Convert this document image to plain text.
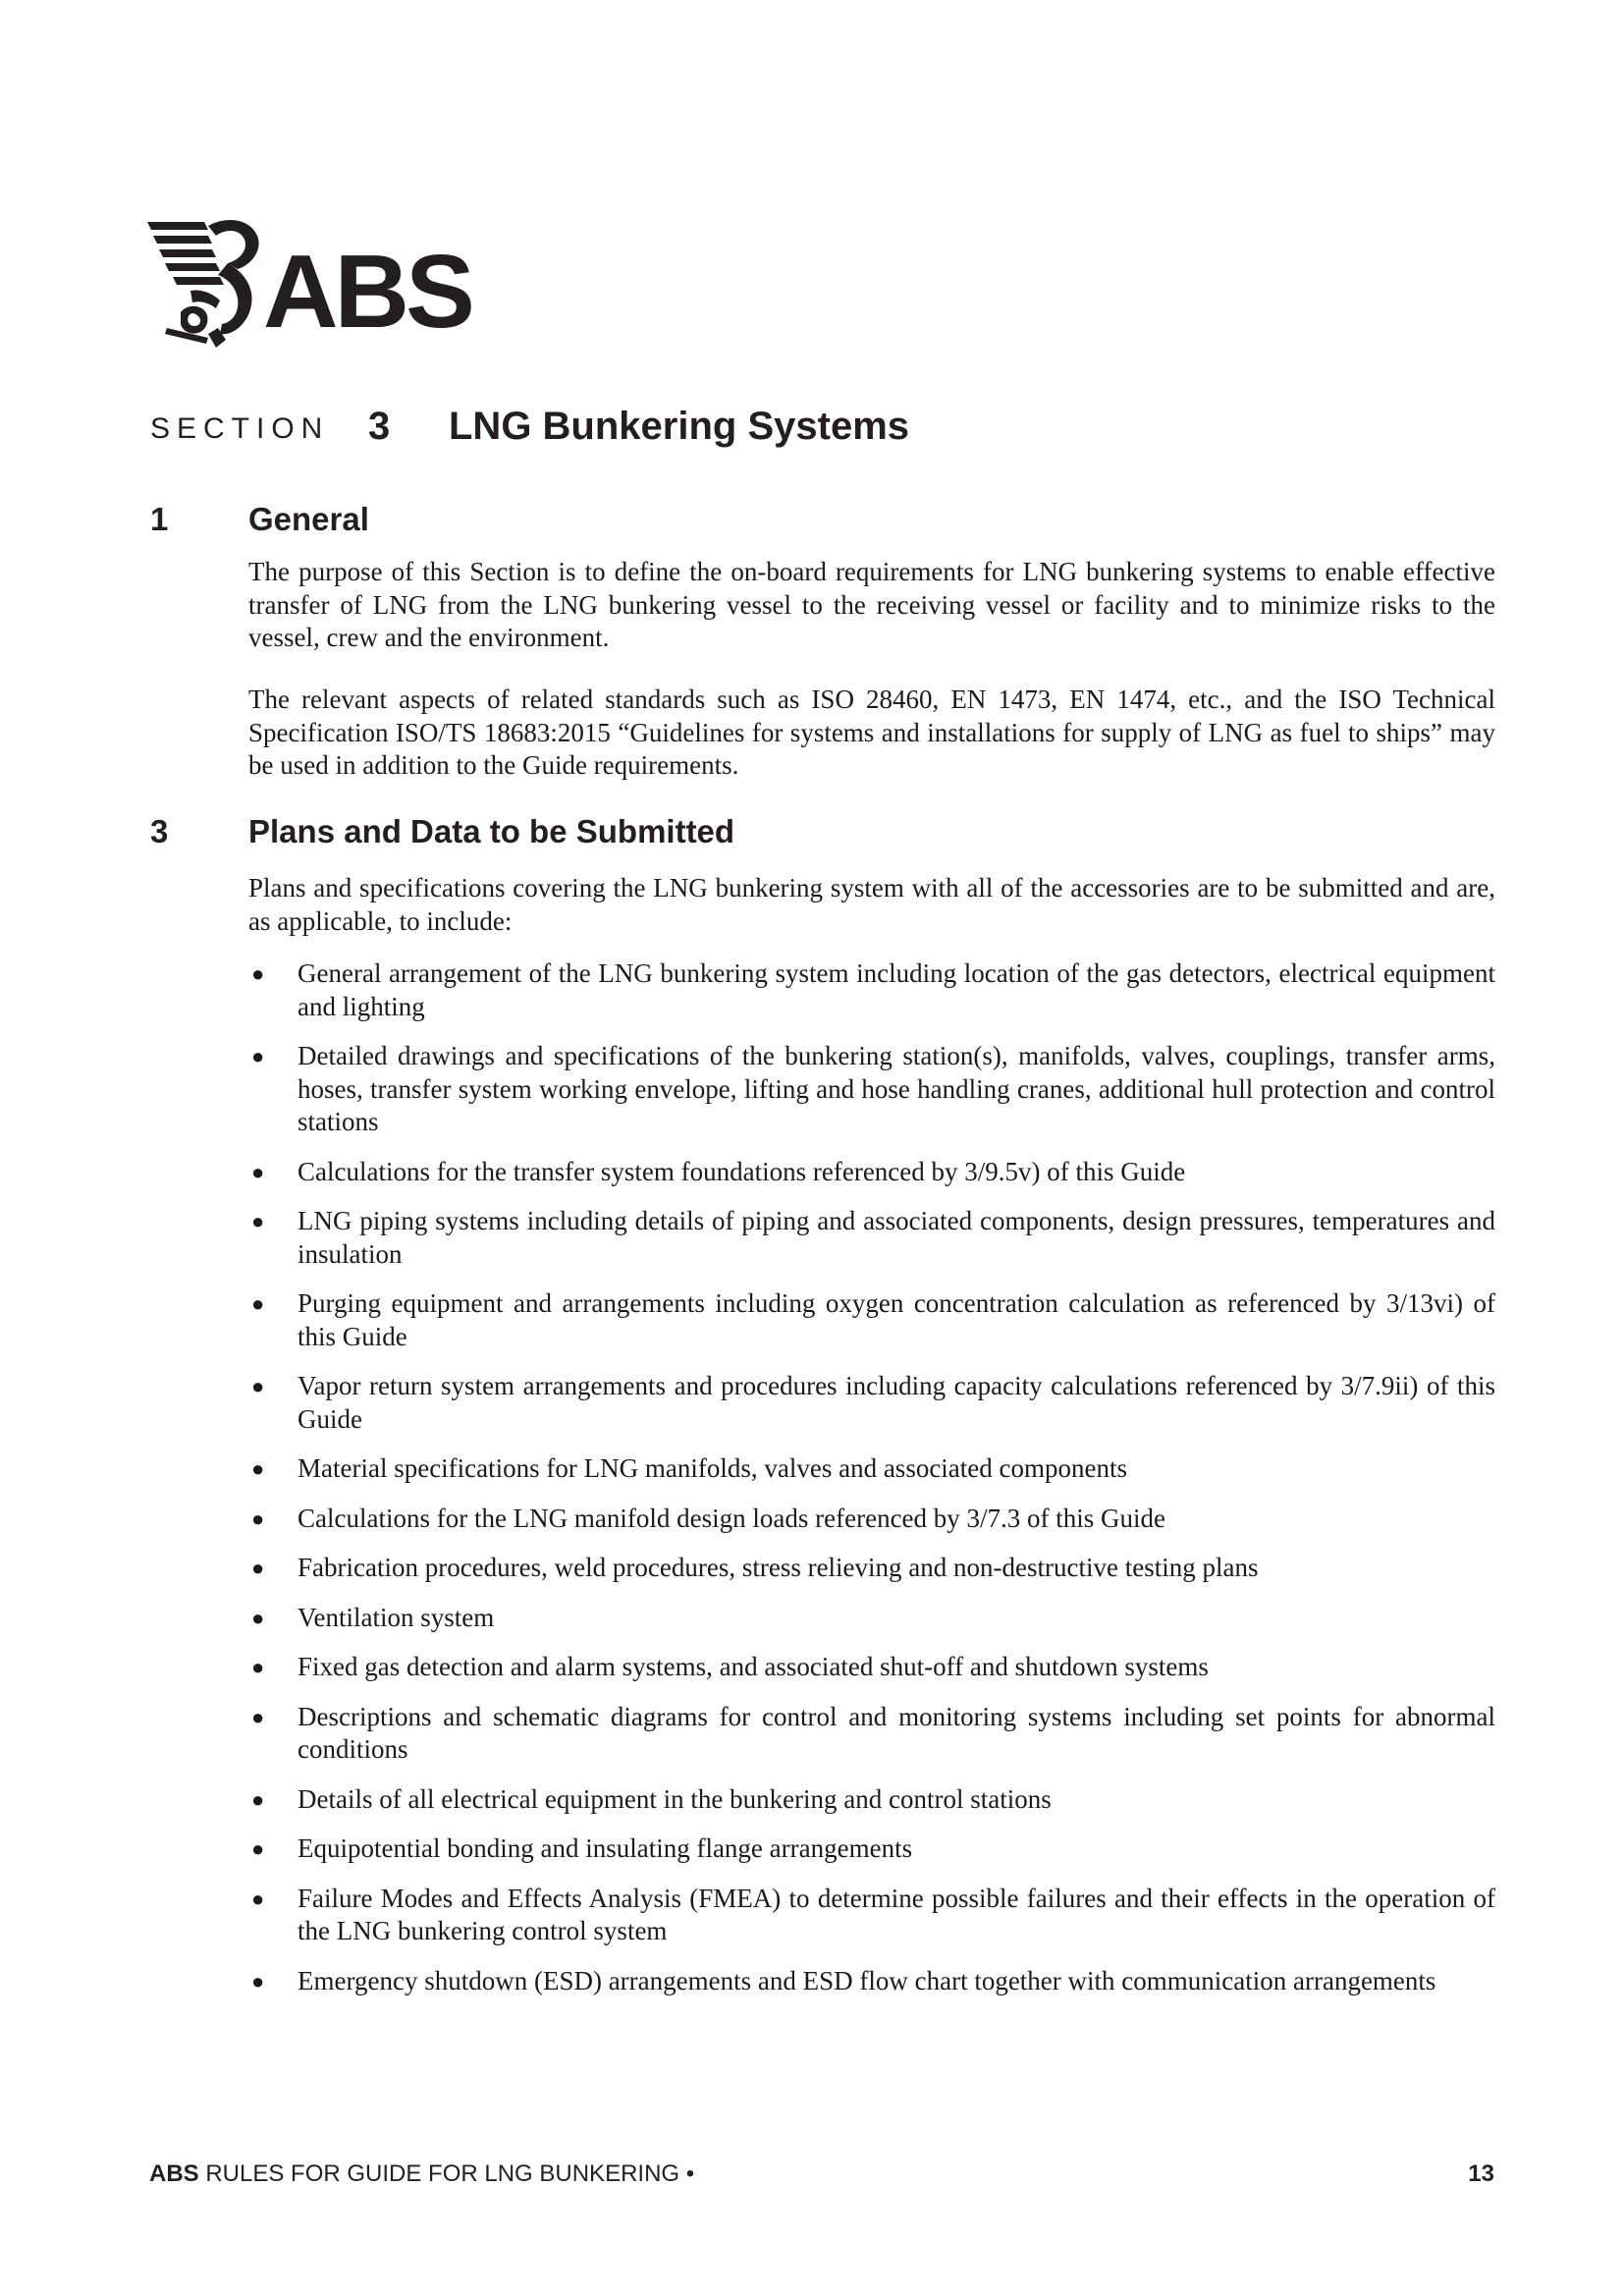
ABS
SECTION 3 LNG Bunkering Systems
1 General

The purpose of this Section is to define the on-board requirements for LNG bunkering systems to enable effective transfer of LNG from the LNG bunkering vessel to the receiving vessel or facility and to minimize risks to the vessel, crew and the environment.

The relevant aspects of related standards such as ISO 28460, EN 1473, EN 1474, etc., and the ISO Technical Specification ISO/TS 18683:2015 “Guidelines for systems and installations for supply of LNG as fuel to ships” may be used in addition to the Guide requirements.

3 Plans and Data to be Submitted

Plans and specifications covering the LNG bunkering system with all of the accessories are to be submitted and are, as applicable, to include:

● General arrangement of the LNG bunkering system including location of the gas detectors, electrical equipment and lighting
● Detailed drawings and specifications of the bunkering station(s), manifolds, valves, couplings, transfer arms, hoses, transfer system working envelope, lifting and hose handling cranes, additional hull protection and control stations
● Calculations for the transfer system foundations referenced by 3/9.5v) of this Guide
● LNG piping systems including details of piping and associated components, design pressures, temperatures and insulation
● Purging equipment and arrangements including oxygen concentration calculation as referenced by 3/13vi) of this Guide
● Vapor return system arrangements and procedures including capacity calculations referenced by 3/7.9ii) of this Guide
● Material specifications for LNG manifolds, valves and associated components
● Calculations for the LNG manifold design loads referenced by 3/7.3 of this Guide
● Fabrication procedures, weld procedures, stress relieving and non-destructive testing plans
● Ventilation system
● Fixed gas detection and alarm systems, and associated shut-off and shutdown systems
● Descriptions and schematic diagrams for control and monitoring systems including set points for abnormal conditions
● Details of all electrical equipment in the bunkering and control stations
● Equipotential bonding and insulating flange arrangements
● Failure Modes and Effects Analysis (FMEA) to determine possible failures and their effects in the operation of the LNG bunkering control system
● Emergency shutdown (ESD) arrangements and ESD flow chart together with communication arrangements
ABS RULES FOR GUIDE FOR LNG BUNKERING •	13
